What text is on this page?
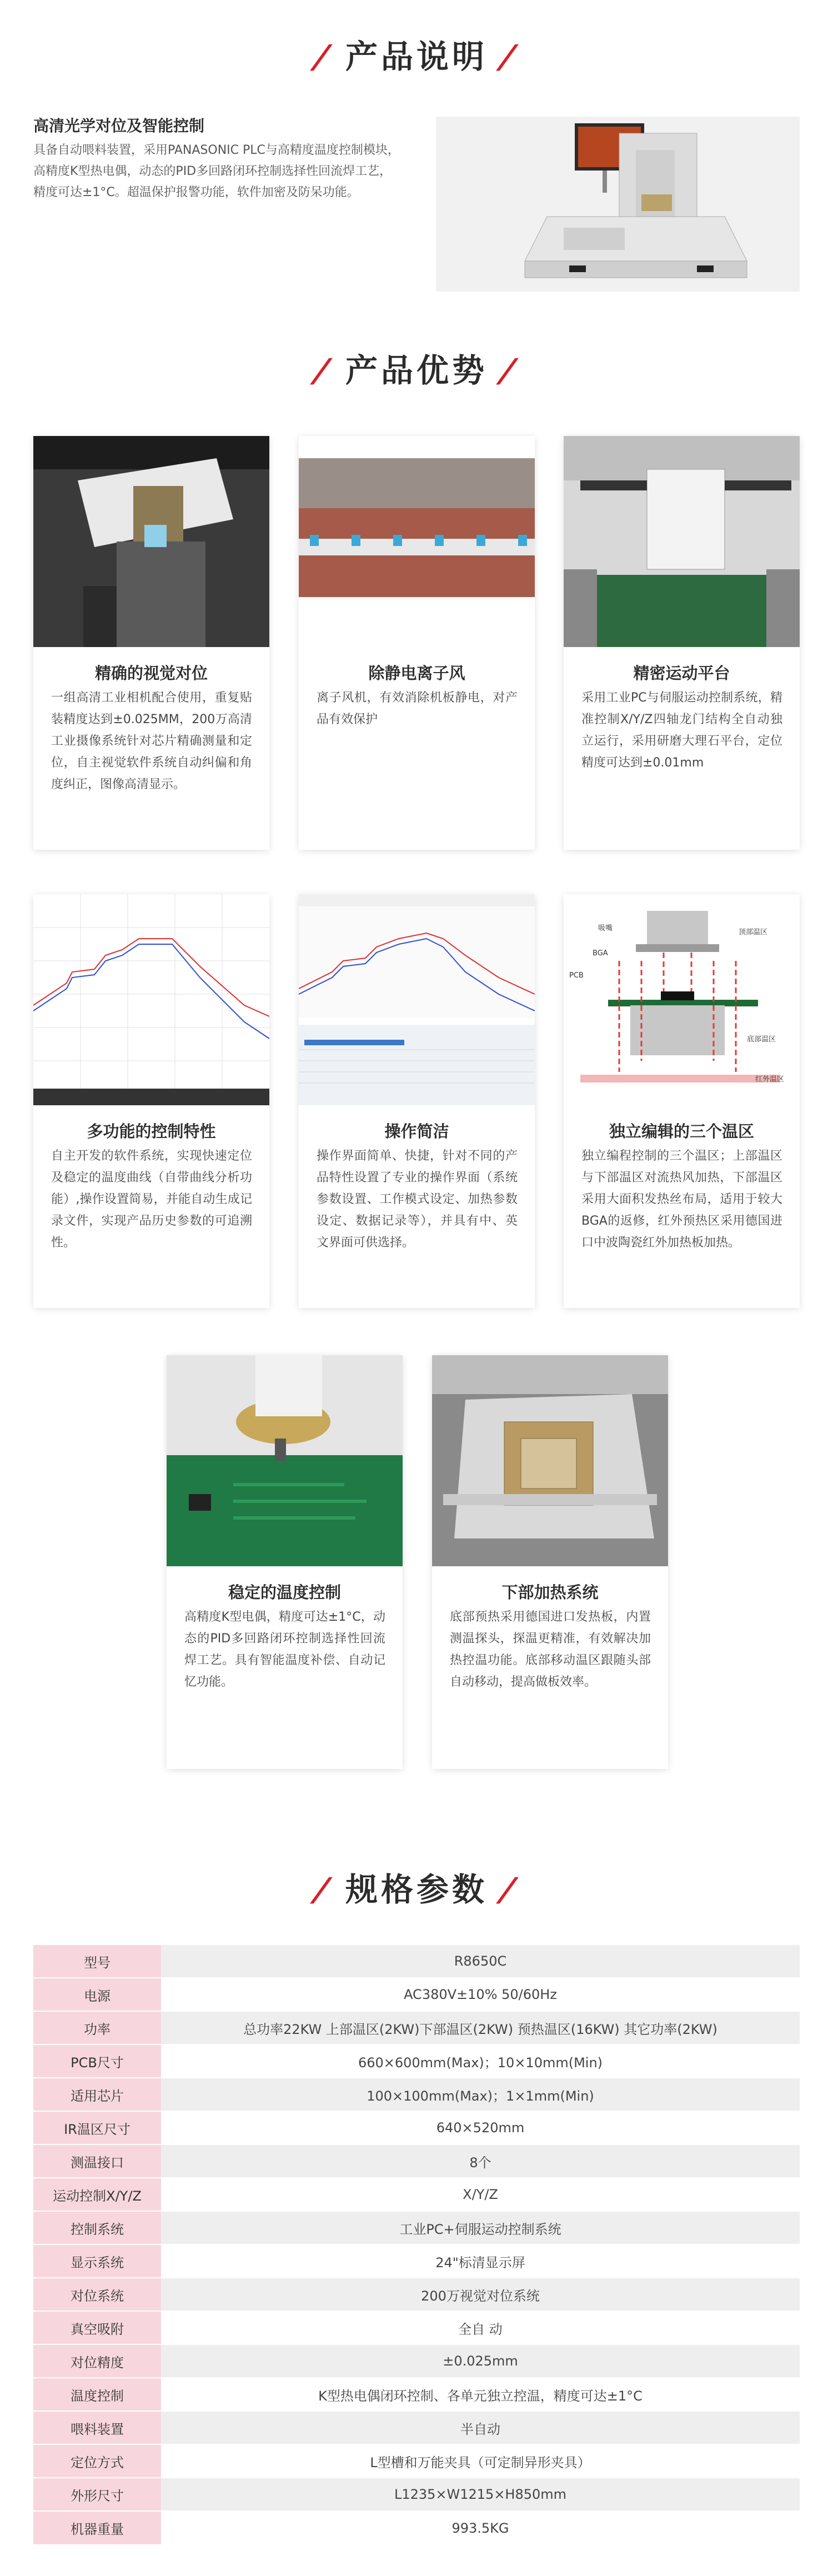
/ 产品说明 /
高清光学对位及智能控制
具备自动喂料装置，采用PANASONIC PLC与高精度温度控制模块，高精度K型热电偶，动态的PID多回路闭环控制选择性回流焊工艺，精度可达±1°C。超温保护报警功能，软件加密及防呆功能。
/ 产品优势 /
精确的视觉对位
一组高清工业相机配合使用，重复贴装精度达到±0.025MM，200万高清工业摄像系统针对芯片精确测量和定位，自主视觉软件系统自动纠偏和角度纠正，图像高清显示。
除静电离子风
离子风机，有效消除机板静电，对产品有效保护
精密运动平台
采用工业PC与伺服运动控制系统，精准控制X/Y/Z四轴龙门结构全自动独立运行，采用研磨大理石平台，定位精度可达到±0.01mm
多功能的控制特性
自主开发的软件系统，实现快速定位及稳定的温度曲线（自带曲线分析功能）,操作设置简易，并能自动生成记录文件，实现产品历史参数的可追溯性。
操作简洁
操作界面简单、快捷，针对不同的产品特性设置了专业的操作界面（系统参数设置、工作模式设定、加热参数设定、数据记录等），并具有中、英文界面可供选择。
吸嘴
BGA
PCB
顶部温区
底部温区
红外温区
独立编辑的三个温区
独立编程控制的三个温区；上部温区与下部温区对流热风加热，下部温区采用大面积发热丝布局，适用于较大BGA的返修，红外预热区采用德国进口中波陶瓷红外加热板加热。
稳定的温度控制
高精度K型电偶，精度可达±1°C，动态的PID多回路闭环控制选择性回流焊工艺。具有智能温度补偿、自动记忆功能。
下部加热系统
底部预热采用德国进口发热板，内置测温探头，探温更精准，有效解决加热控温功能。底部移动温区跟随头部自动移动，提高做板效率。
/ 规格参数 /
型号	R8650C
电源	AC380V±10% 50/60Hz
功率	总功率22KW 上部温区(2KW)下部温区(2KW) 预热温区(16KW) 其它功率(2KW)
PCB尺寸	660×600mm(Max)；10×10mm(Min)
适用芯片	100×100mm(Max)；1×1mm(Min)
IR温区尺寸	640×520mm
测温接口	8个
运动控制X/Y/Z	X/Y/Z
控制系统	工业PC+伺服运动控制系统
显示系统	24"标清显示屏
对位系统	200万视觉对位系统
真空吸附	全自 动
对位精度	±0.025mm
温度控制	K型热电偶闭环控制、各单元独立控温，精度可达±1°C
喂料装置	半自动
定位方式	L型槽和万能夹具（可定制异形夹具）
外形尺寸	L1235×W1215×H850mm
机器重量	993.5KG
